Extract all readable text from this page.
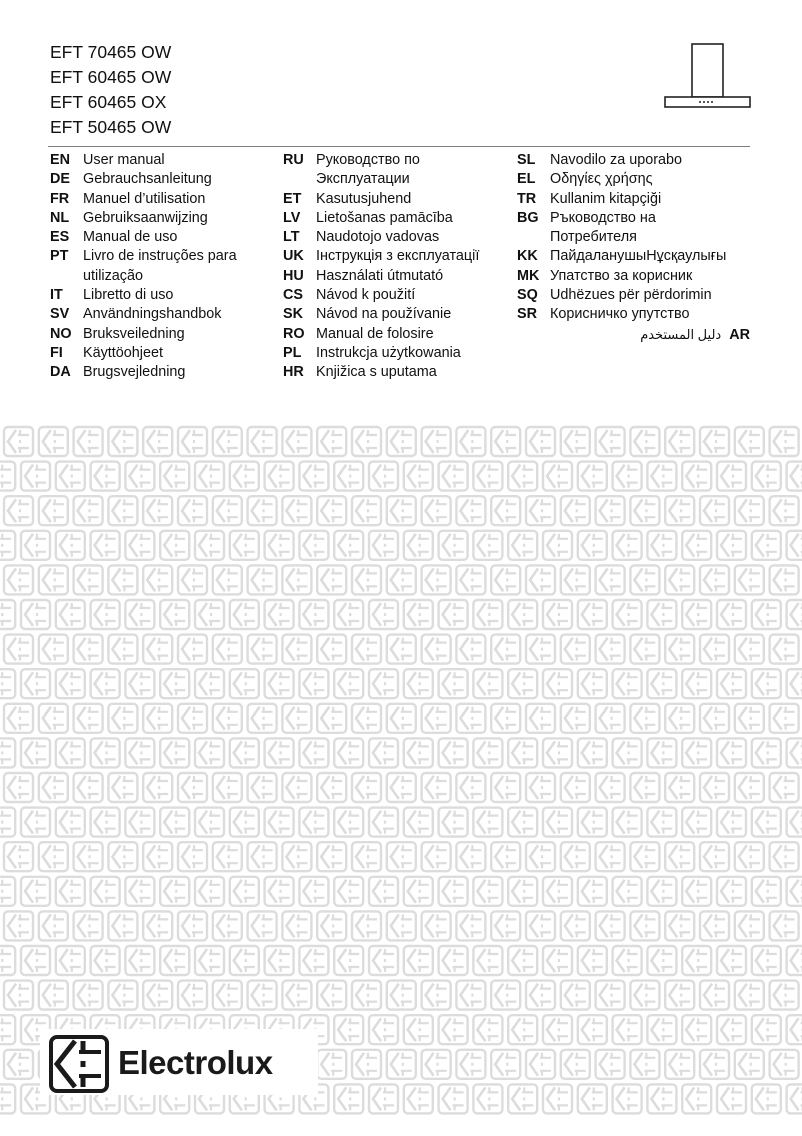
EFT 70465 OW
EFT 60465 OW
EFT 60465 OX
EFT 50465 OW
EN User manual
DE Gebrauchsanleitung
FR Manuel d’utilisation
NL Gebruiksaanwijzing
ES Manual de uso
PT	Livro de instruções para
utilização
IT	Libretto di uso
SV Användningshandbok
NO Bruksveiledning
FI	Käyttöohjeet
DA Brugsvejledning
RU Руководство по
Эксплуатации
ET	Kasutusjuhend
LV	Lietošanas pamācība
LT	Naudotojo vadovas
UK Інструкція з експлуатації
HU Használati útmutató
CS Návod k použití
SK Návod na používanie
RO Manual de folosire
PL	Instrukcja użytkowania
HR Knjižica s uputama
SL	Navodilo za uporabo
EL	Οδηγίες χρήσης
TR Kullanim kitapçiği
BG Ръководство на
Потребителя
KK ПайдаланушыНұсқаулығы
MK Упатство за корисник
SQ Udhëzues për përdorimin
SR Корисничко упутство
دليل المستخدم AR
Electrolux
